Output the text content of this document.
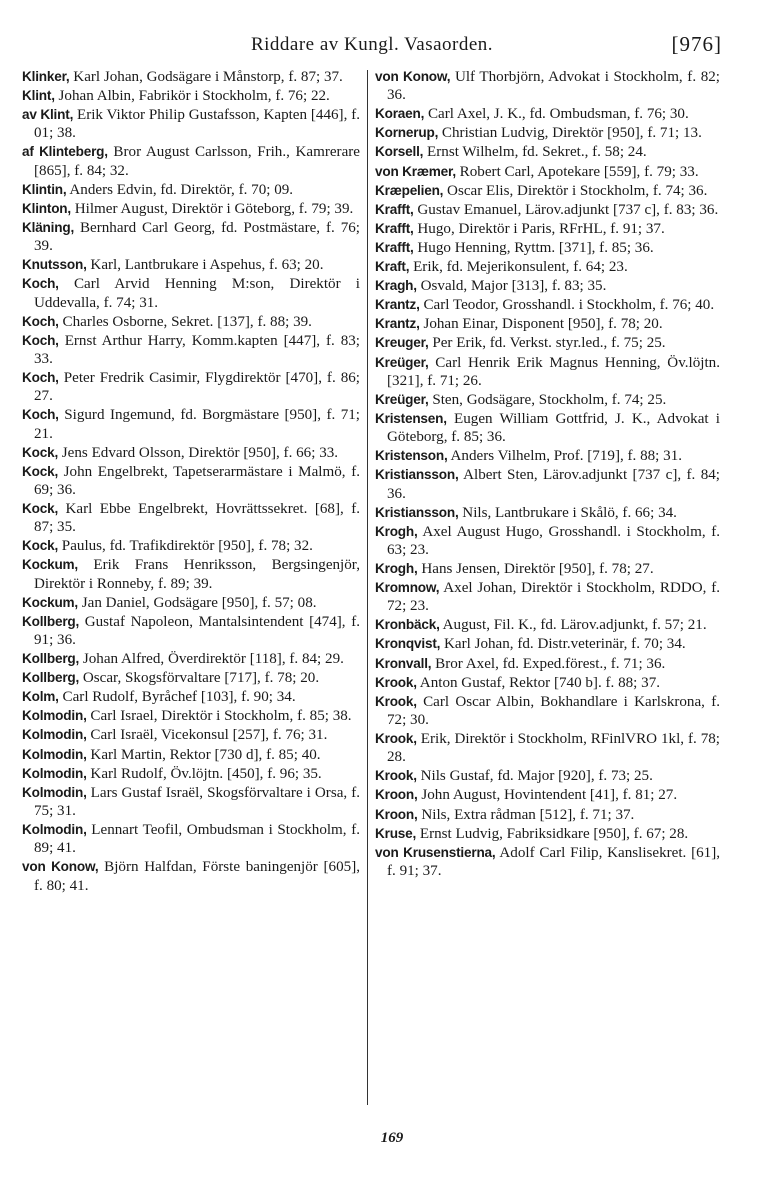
Riddare av Kungl. Vasaorden.	[976]

Klinker, Karl Johan, Godsägare i Månstorp, f. 87; 37.

Klint, Johan Albin, Fabrikör i Stockholm, f. 76; 22.

av Klint, Erik Viktor Philip Gustafsson, Kapten [446], f. 01; 38.

af Klinteberg, Bror August Carlsson, Frih., Kamrerare [865], f. 84; 32.

Klintin, Anders Edvin, fd. Direktör, f. 70; 09.

Klinton, Hilmer August, Direktör i Göteborg, f. 79; 39.

Kläning, Bernhard Carl Georg, fd. Postmästare, f. 76; 39.

Knutsson, Karl, Lantbrukare i Aspehus, f. 63; 20.

Koch, Carl Arvid Henning M:son, Direktör i Uddevalla, f. 74; 31.

Koch, Charles Osborne, Sekret. [137], f. 88; 39.

Koch, Ernst Arthur Harry, Komm.kapten [447], f. 83; 33.

Koch, Peter Fredrik Casimir, Flygdirektör [470], f. 86; 27.

Koch, Sigurd Ingemund, fd. Borgmästare [950], f. 71; 21.

Kock, Jens Edvard Olsson, Direktör [950], f. 66; 33.

Kock, John Engelbrekt, Tapetserarmästare i Malmö, f. 69; 36.

Kock, Karl Ebbe Engelbrekt, Hovrättssekret. [68], f. 87; 35.

Kock, Paulus, fd. Trafikdirektör [950], f. 78; 32.

Kockum, Erik Frans Henriksson, Bergsingenjör, Direktör i Ronneby, f. 89; 39.

Kockum, Jan Daniel, Godsägare [950], f. 57; 08.

Kollberg, Gustaf Napoleon, Mantalsintendent [474], f. 91; 36.

Kollberg, Johan Alfred, Överdirektör [118], f. 84; 29.

Kollberg, Oscar, Skogsförvaltare [717], f. 78; 20.

Kolm, Carl Rudolf, Byråchef [103], f. 90; 34.

Kolmodin, Carl Israel, Direktör i Stockholm, f. 85; 38.

Kolmodin, Carl Israël, Vicekonsul [257], f. 76; 31.

Kolmodin, Karl Martin, Rektor [730 d], f. 85; 40.

Kolmodin, Karl Rudolf, Öv.löjtn. [450], f. 96; 35.

Kolmodin, Lars Gustaf Israël, Skogsförvaltare i Orsa, f. 75; 31.

Kolmodin, Lennart Teofil, Ombudsman i Stockholm, f. 89; 41.

von Konow, Björn Halfdan, Förste baningenjör [605], f. 80; 41.

von Konow, Ulf Thorbjörn, Advokat i Stockholm, f. 82; 36.

Koraen, Carl Axel, J. K., fd. Ombudsman, f. 76; 30.

Kornerup, Christian Ludvig, Direktör [950], f. 71; 13.

Korsell, Ernst Wilhelm, fd. Sekret., f. 58; 24.

von Kræmer, Robert Carl, Apotekare [559], f. 79; 33.

Kræpelien, Oscar Elis, Direktör i Stockholm, f. 74; 36.

Krafft, Gustav Emanuel, Lärov.adjunkt [737 c], f. 83; 36.

Krafft, Hugo, Direktör i Paris, RFrHL, f. 91; 37.

Krafft, Hugo Henning, Ryttm. [371], f. 85; 36.

Kraft, Erik, fd. Mejerikonsulent, f. 64; 23.

Kragh, Osvald, Major [313], f. 83; 35.

Krantz, Carl Teodor, Grosshandl. i Stockholm, f. 76; 40.

Krantz, Johan Einar, Disponent [950], f. 78; 20.

Kreuger, Per Erik, fd. Verkst. styr.led., f. 75; 25.

Kreüger, Carl Henrik Erik Magnus Henning, Öv.löjtn. [321], f. 71; 26.

Kreüger, Sten, Godsägare, Stockholm, f. 74; 25.

Kristensen, Eugen William Gottfrid, J. K., Advokat i Göteborg, f. 85; 36.

Kristenson, Anders Vilhelm, Prof. [719], f. 88; 31.

Kristiansson, Albert Sten, Lärov.adjunkt [737 c], f. 84; 36.

Kristiansson, Nils, Lantbrukare i Skålö, f. 66; 34.

Krogh, Axel August Hugo, Grosshandl. i Stockholm, f. 63; 23.

Krogh, Hans Jensen, Direktör [950], f. 78; 27.

Kromnow, Axel Johan, Direktör i Stockholm, RDDO, f. 72; 23.

Kronbäck, August, Fil. K., fd. Lärov.adjunkt, f. 57; 21.

Kronqvist, Karl Johan, fd. Distr.veterinär, f. 70; 34.

Kronvall, Bror Axel, fd. Exped.förest., f. 71; 36.

Krook, Anton Gustaf, Rektor [740 b]. f. 88; 37.

Krook, Carl Oscar Albin, Bokhandlare i Karlskrona, f. 72; 30.

Krook, Erik, Direktör i Stockholm, RFinlVRO 1kl, f. 78; 28.

Krook, Nils Gustaf, fd. Major [920], f. 73; 25.

Kroon, John August, Hovintendent [41], f. 81; 27.

Kroon, Nils, Extra rådman [512], f. 71; 37.

Kruse, Ernst Ludvig, Fabriksidkare [950], f. 67; 28.

von Krusenstierna, Adolf Carl Filip, Kanslisekret. [61], f. 91; 37.

169
